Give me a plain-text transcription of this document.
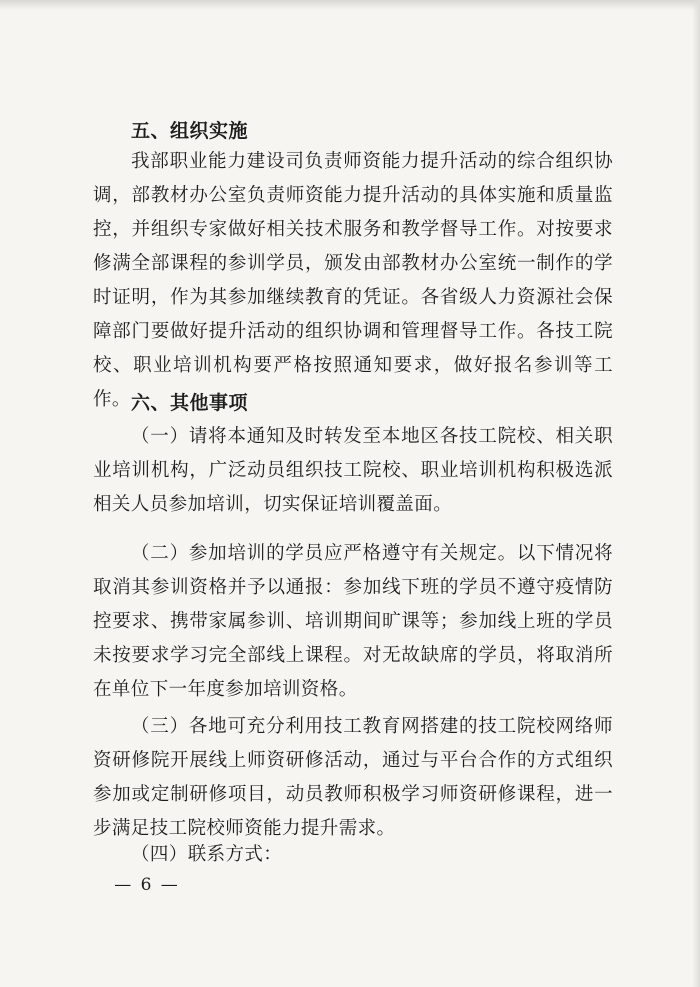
五、组织实施

我部职业能力建设司负责师资能力提升活动的综合组织协调，部教材办公室负责师资能力提升活动的具体实施和质量监控，并组织专家做好相关技术服务和教学督导工作。对按要求修满全部课程的参训学员，颁发由部教材办公室统一制作的学时证明，作为其参加继续教育的凭证。各省级人力资源社会保障部门要做好提升活动的组织协调和管理督导工作。各技工院校、职业培训机构要严格按照通知要求，做好报名参训等工作。 六、其他事项

（一）请将本通知及时转发至本地区各技工院校、相关职业培训机构，广泛动员组织技工院校、职业培训机构积极选派相关人员参加培训，切实保证培训覆盖面。

（二）参加培训的学员应严格遵守有关规定。以下情况将取消其参训资格并予以通报：参加线下班的学员不遵守疫情防控要求、携带家属参训、培训期间旷课等；参加线上班的学员未按要求学习完全部线上课程。对无故缺席的学员，将取消所在单位下一年度参加培训资格。

（三）各地可充分利用技工教育网搭建的技工院校网络师资研修院开展线上师资研修活动，通过与平台合作的方式组织参加或定制研修项目，动员教师积极学习师资研修课程，进一步满足技工院校师资能力提升需求。

（四）联系方式：

— 6 —
